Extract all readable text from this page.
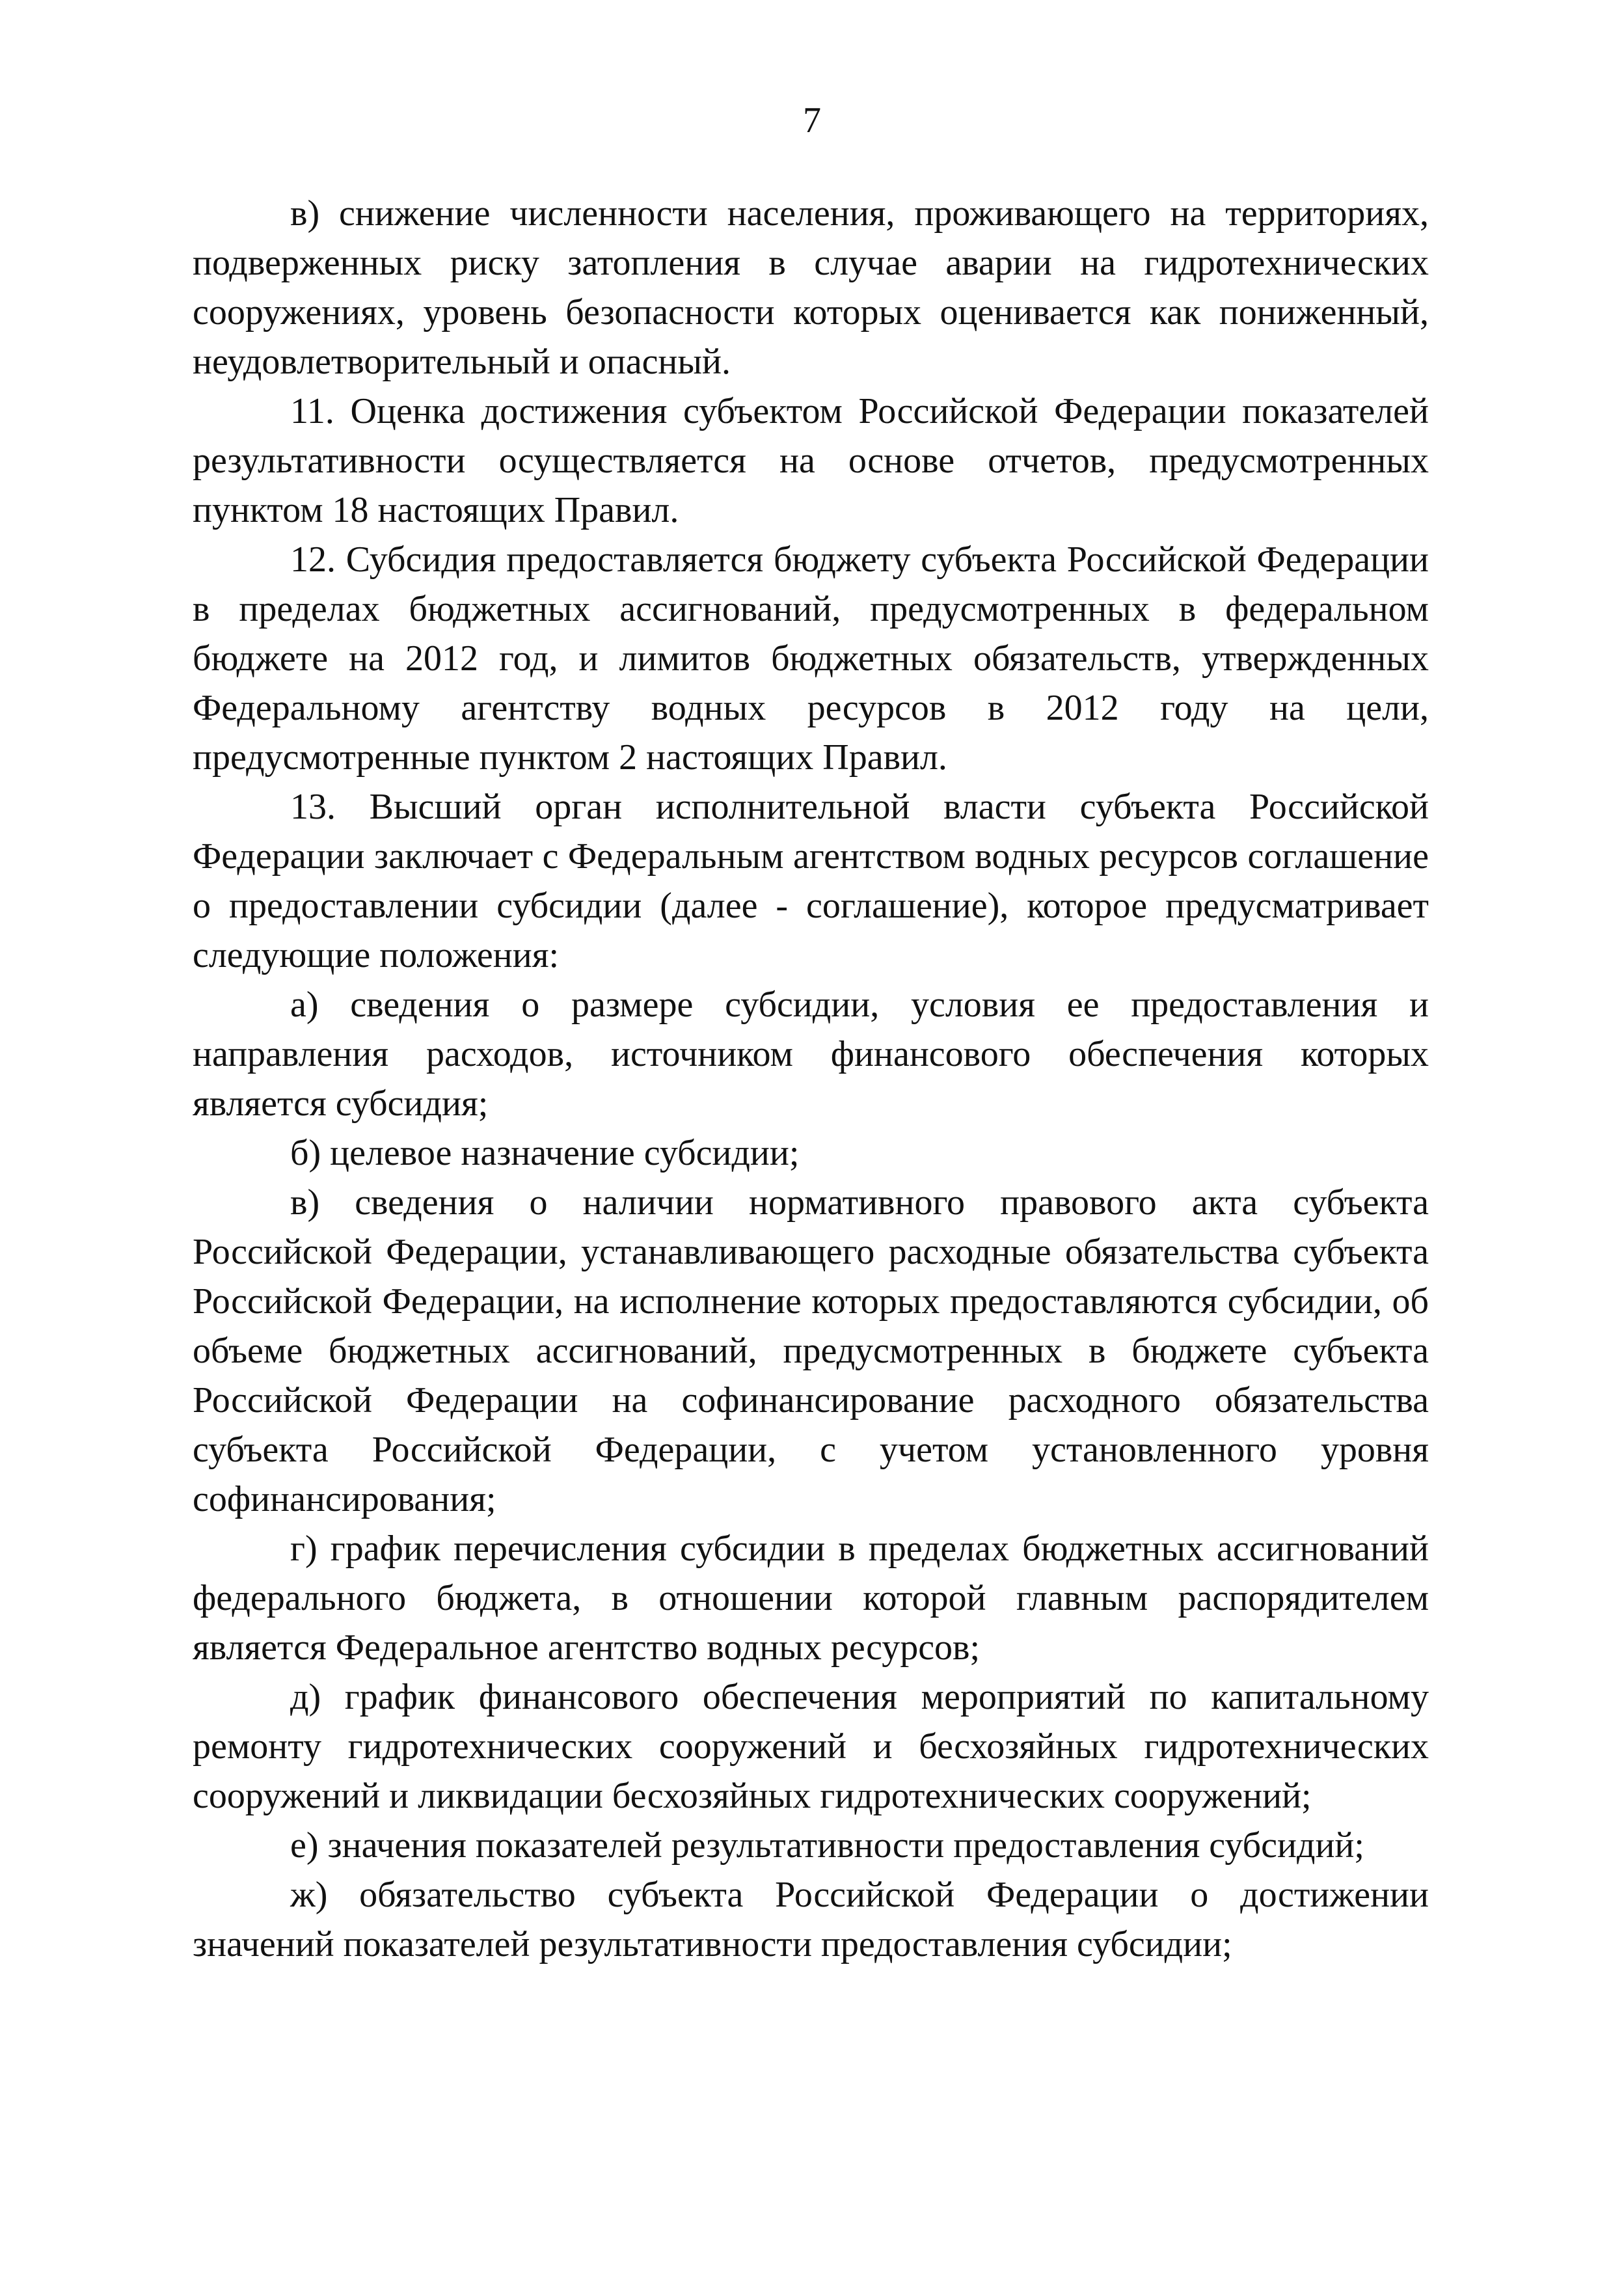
7

в) снижение численности населения, проживающего на территориях, подверженных риску затопления в случае аварии на гидротехнических сооружениях, уровень безопасности которых оценивается как пониженный, неудовлетворительный и опасный.

11. Оценка достижения субъектом Российской Федерации показателей результативности осуществляется на основе отчетов, предусмотренных пунктом 18 настоящих Правил.

12. Субсидия предоставляется бюджету субъекта Российской Федерации в пределах бюджетных ассигнований, предусмотренных в федеральном бюджете на 2012 год, и лимитов бюджетных обязательств, утвержденных Федеральному агентству водных ресурсов в 2012 году на цели, предусмотренные пунктом 2 настоящих Правил.

13. Высший орган исполнительной власти субъекта Российской Федерации заключает с Федеральным агентством водных ресурсов соглашение о предоставлении субсидии (далее - соглашение), которое предусматривает следующие положения:

а) сведения о размере субсидии, условия ее предоставления и направления расходов, источником финансового обеспечения которых является субсидия;

б) целевое назначение субсидии;

в) сведения о наличии нормативного правового акта субъекта Российской Федерации, устанавливающего расходные обязательства субъекта Российской Федерации, на исполнение которых предоставляются субсидии, об объеме бюджетных ассигнований, предусмотренных в бюджете субъекта Российской Федерации на софинансирование расходного обязательства субъекта Российской Федерации, с учетом установленного уровня софинансирования;

г) график перечисления субсидии в пределах бюджетных ассигнований федерального бюджета, в отношении которой главным распорядителем является Федеральное агентство водных ресурсов;

д) график финансового обеспечения мероприятий по капитальному ремонту гидротехнических сооружений и бесхозяйных гидротехнических сооружений и ликвидации бесхозяйных гидротехнических сооружений;

е) значения показателей результативности предоставления субсидий;

ж) обязательство субъекта Российской Федерации о достижении значений показателей результативности предоставления субсидии;
